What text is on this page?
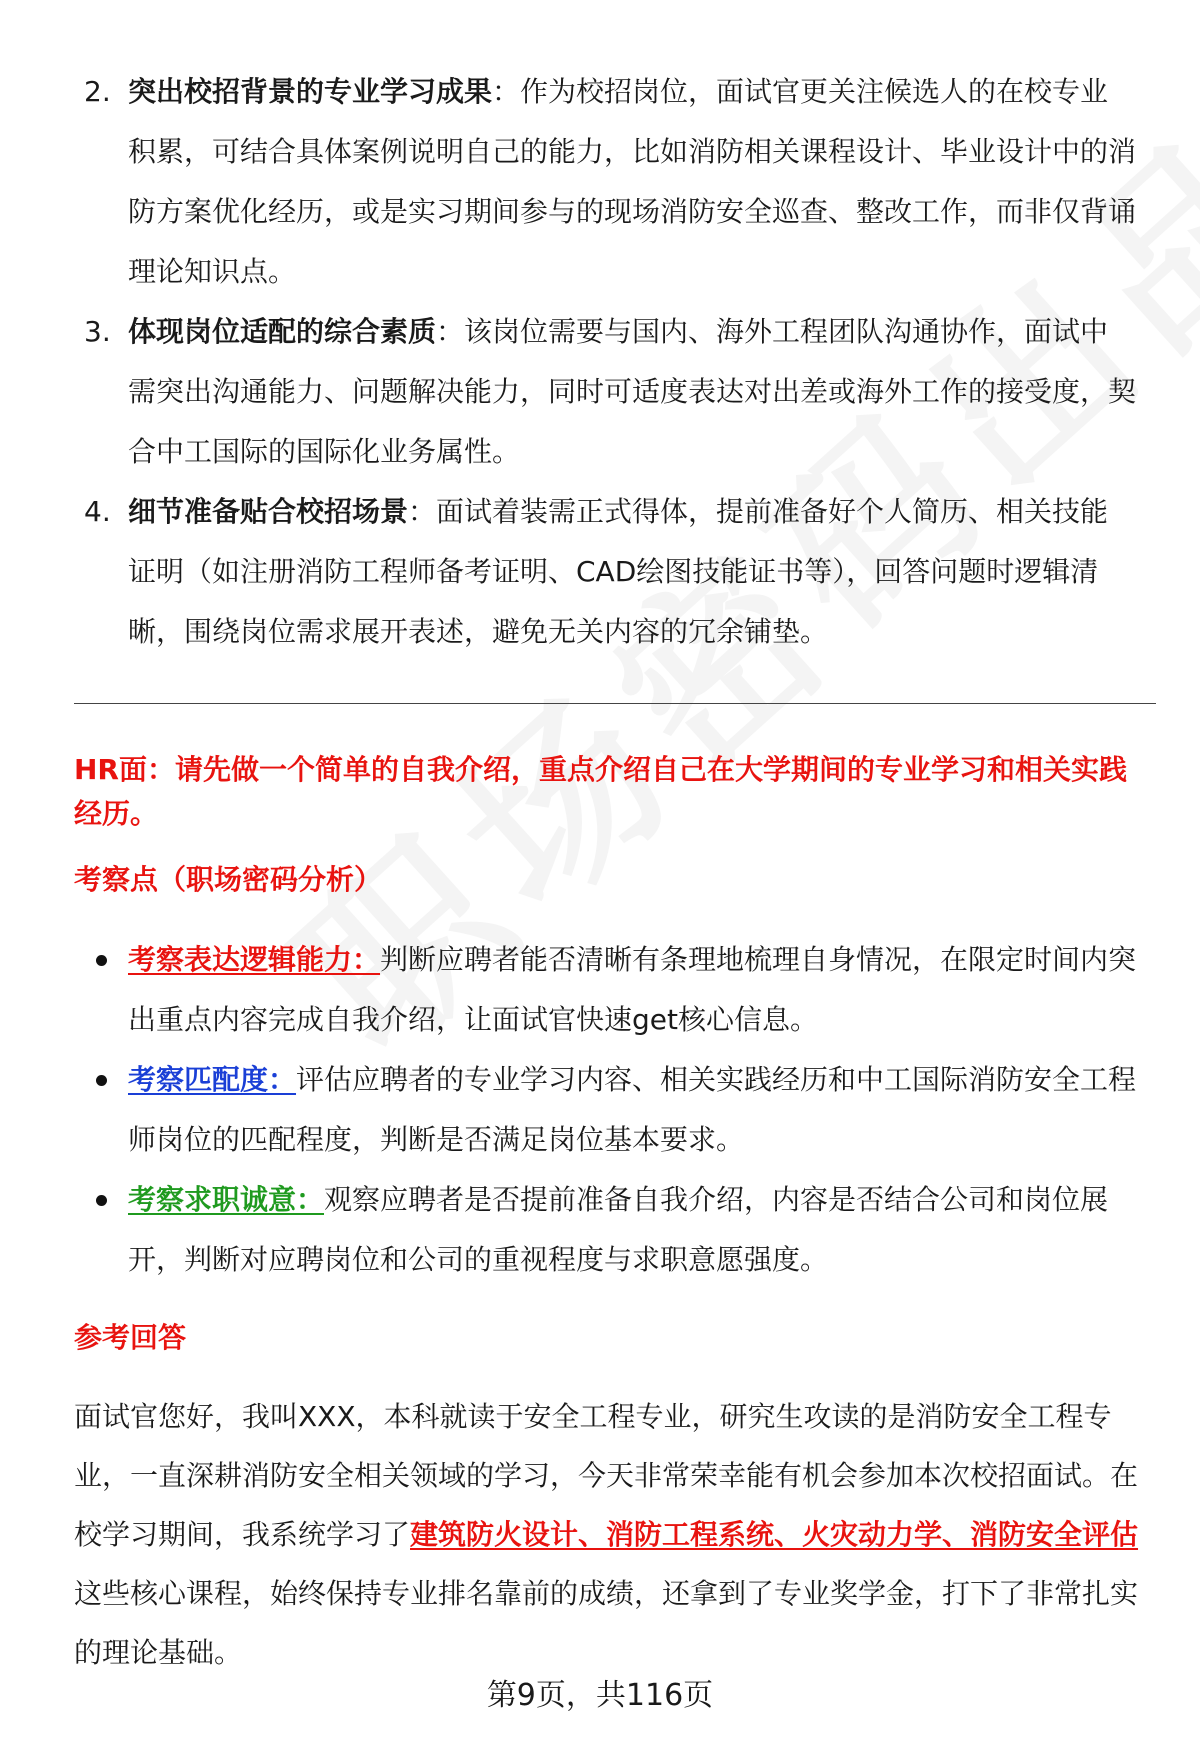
2. 突出校招背景的专业学习成果：作为校招岗位，面试官更关注候选人的在校专业积累，可结合具体案例说明自己的能力，比如消防相关课程设计、毕业设计中的消防方案优化经历，或是实习期间参与的现场消防安全巡查、整改工作，而非仅背诵理论知识点。
3. 体现岗位适配的综合素质：该岗位需要与国内、海外工程团队沟通协作，面试中需突出沟通能力、问题解决能力，同时可适度表达对出差或海外工作的接受度，契合中工国际的国际化业务属性。
4. 细节准备贴合校招场景：面试着装需正式得体，提前准备好个人简历、相关技能证明（如注册消防工程师备考证明、CAD绘图技能证书等），回答问题时逻辑清晰，围绕岗位需求展开表述，避免无关内容的冗余铺垫。
HR面：请先做一个简单的自我介绍，重点介绍自己在大学期间的专业学习和相关实践经历。
考察点（职场密码分析）
考察表达逻辑能力：判断应聘者能否清晰有条理地梳理自身情况，在限定时间内突出重点内容完成自我介绍，让面试官快速get核心信息。
考察匹配度：评估应聘者的专业学习内容、相关实践经历和中工国际消防安全工程师岗位的匹配程度，判断是否满足岗位基本要求。
考察求职诚意：观察应聘者是否提前准备自我介绍，内容是否结合公司和岗位展开，判断对应聘岗位和公司的重视程度与求职意愿强度。
参考回答
面试官您好，我叫XXX，本科就读于安全工程专业，研究生攻读的是消防安全工程专业，一直深耕消防安全相关领域的学习，今天非常荣幸能有机会参加本次校招面试。在校学习期间，我系统学习了建筑防火设计、消防工程系统、火灾动力学、消防安全评估这些核心课程，始终保持专业排名靠前的成绩，还拿到了专业奖学金，打下了非常扎实的理论基础。
第9页，共116页
